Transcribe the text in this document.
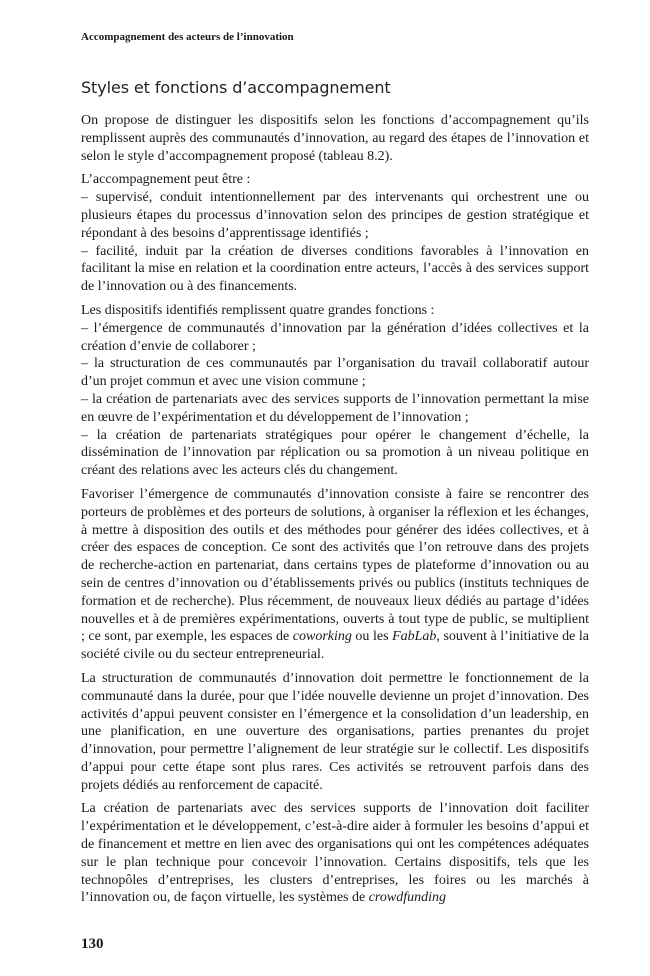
Accompagnement des acteurs de l’innovation
Styles et fonctions d’accompagnement

On propose de distinguer les dispositifs selon les fonctions d’accompagnement qu’ils remplissent auprès des communautés d’innovation, au regard des étapes de l’innovation et selon le style d’accompagnement proposé (tableau 8.2).

L’accompagnement peut être :
– supervisé, conduit intentionnellement par des intervenants qui orchestrent une ou plusieurs étapes du processus d’innovation selon des principes de gestion stratégique et répondant à des besoins d’apprentissage identifiés ;
– facilité, induit par la création de diverses conditions favorables à l’innovation en facilitant la mise en relation et la coordination entre acteurs, l’accès à des services support de l’innovation ou à des financements.

Les dispositifs identifiés remplissent quatre grandes fonctions :
– l’émergence de communautés d’innovation par la génération d’idées collectives et la création d’envie de collaborer ;
– la structuration de ces communautés par l’organisation du travail collaboratif autour d’un projet commun et avec une vision commune ;
– la création de partenariats avec des services supports de l’innovation permettant la mise en œuvre de l’expérimentation et du développement de l’innovation ;
– la création de partenariats stratégiques pour opérer le changement d’échelle, la dissémination de l’innovation par réplication ou sa promotion à un niveau politique en créant des relations avec les acteurs clés du changement.

Favoriser l’émergence de communautés d’innovation consiste à faire se rencontrer des porteurs de problèmes et des porteurs de solutions, à organiser la réflexion et les échanges, à mettre à disposition des outils et des méthodes pour générer des idées collectives, et à créer des espaces de conception. Ce sont des activités que l’on retrouve dans des projets de recherche-action en partenariat, dans certains types de plateforme d’innovation ou au sein de centres d’innovation ou d’établissements privés ou publics (instituts techniques de formation et de recherche). Plus récemment, de nouveaux lieux dédiés au partage d’idées nouvelles et à de premières expérimentations, ouverts à tout type de public, se multiplient ; ce sont, par exemple, les espaces de coworking ou les FabLab, souvent à l’initiative de la société civile ou du secteur entrepreneurial.

La structuration de communautés d’innovation doit permettre le fonctionnement de la communauté dans la durée, pour que l’idée nouvelle devienne un projet d’innovation. Des activités d’appui peuvent consister en l’émergence et la consolidation d’un leadership, en une planification, en une ouverture des organisations, parties prenantes du projet d’innovation, pour permettre l’alignement de leur stratégie sur le collectif. Les dispositifs d’appui pour cette étape sont plus rares. Ces activités se retrouvent parfois dans des projets dédiés au renforcement de capacité.

La création de partenariats avec des services supports de l’innovation doit faciliter l’expérimentation et le développement, c’est-à-dire aider à formuler les besoins d’appui et de financement et mettre en lien avec des organisations qui ont les compétences adéquates sur le plan technique pour concevoir l’innovation. Certains dispositifs, tels que les technopôles d’entreprises, les clusters d’entreprises, les foires ou les marchés à l’innovation ou, de façon virtuelle, les systèmes de crowdfunding

130
